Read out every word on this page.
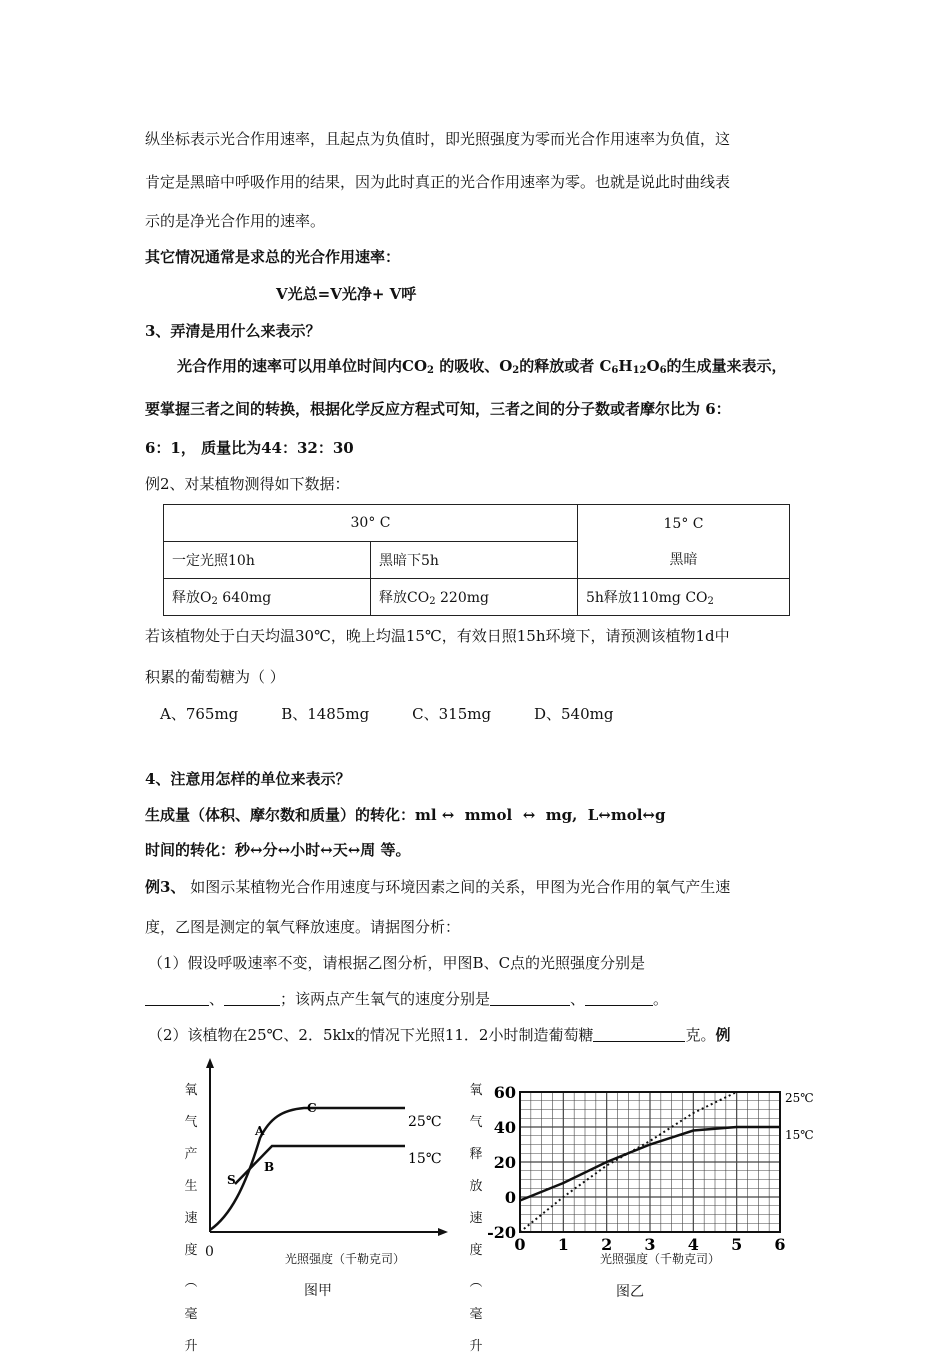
纵坐标表示光合作用速率，且起点为负值时，即光照强度为零而光合作用速率为负值，这
肯定是黑暗中呼吸作用的结果，因为此时真正的光合作用速率为零。也就是说此时曲线表
示的是净光合作用的速率。
其它情况通常是求总的光合作用速率：
V光总=V光净+ V呼
3、弄清是用什么来表示？
光合作用的速率可以用单位时间内$CO_2$ 的吸收、$O_2$的释放或者 $C_6H_{12}O_6$的生成量来表示，
要掌握三者之间的转换，根据化学反应方程式可知，三者之间的分子数或者摩尔比为 6：
6：1， 质量比为44：32：30
例2、对某植物测得如下数据：
30° C		15° C
黑暗

一定光照10h	黑暗下5h	
释放$O_2$ 640mg	释放$CO_2$ 220mg	5h释放110mg $CO_2$
若该植物处于白天均温30℃，晚上均温15℃，有效日照15h环境下，请预测该植物1d中
积累的葡萄糖为（ ）
A、765mg         B、1485mg         C、315mg         D、540mg
4、注意用怎样的单位来表示？
生成量（体积、摩尔数和质量）的转化：ml ↔  mmol  ↔  mg,  L↔mol↔g
时间的转化：秒↔分↔小时↔天↔周 等。
例3、 如图示某植物光合作用速度与环境因素之间的关系，甲图为光合作用的氧气产生速
度，乙图是测定的氧气释放速度。请据图分析：
（1）假设呼吸速率不变，请根据乙图分析，甲图B、C点的光照强度分别是
、	；该两点产生氧气的速度分别是	、	。
（2）该植物在25℃、2．5klx的情况下光照11．2小时制造葡萄糖	克。例
氧
气
产
生
速
度
︵
毫
升
C
A
B
S
25℃
15℃
0	光照强度（千勒克司）
图甲
氧
气
释
放
速
度
︵
毫
升
0 1 2 3 4 5 6
-20
0
20
40
60	25℃
15℃
光照强度（千勒克司）
图乙
